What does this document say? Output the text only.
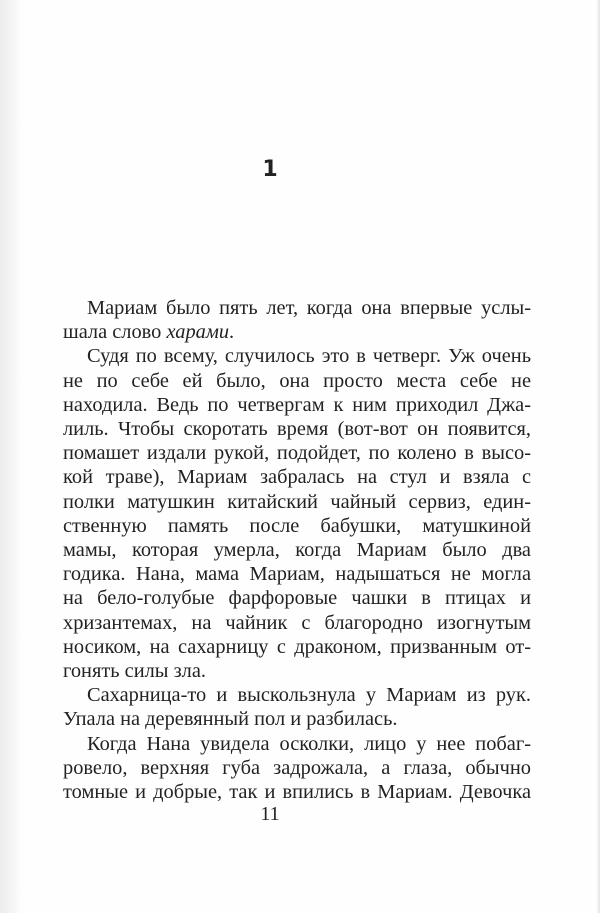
1
Мариам было пять лет, когда она впервые услы-
шала слово харами.
Судя по всему, случилось это в четверг. Уж очень
не по себе ей было, она просто места себе не
находила. Ведь по четвергам к ним приходил Джа-
лиль. Чтобы скоротать время (вот-вот он появится,
помашет издали рукой, подойдет, по колено в высо-
кой траве), Мариам забралась на стул и взяла с
полки матушкин китайский чайный сервиз, един-
ственную память после бабушки, матушкиной
мамы, которая умерла, когда Мариам было два
годика. Нана, мама Мариам, надышаться не могла
на бело-голубые фарфоровые чашки в птицах и
хризантемах, на чайник с благородно изогнутым
носиком, на сахарницу с драконом, призванным от-
гонять силы зла.
Сахарница-то и выскользнула у Мариам из рук.
Упала на деревянный пол и разбилась.
Когда Нана увидела осколки, лицо у нее побаг-
ровело, верхняя губа задрожала, а глаза, обычно
томные и добрые, так и впились в Мариам. Девочка
11
